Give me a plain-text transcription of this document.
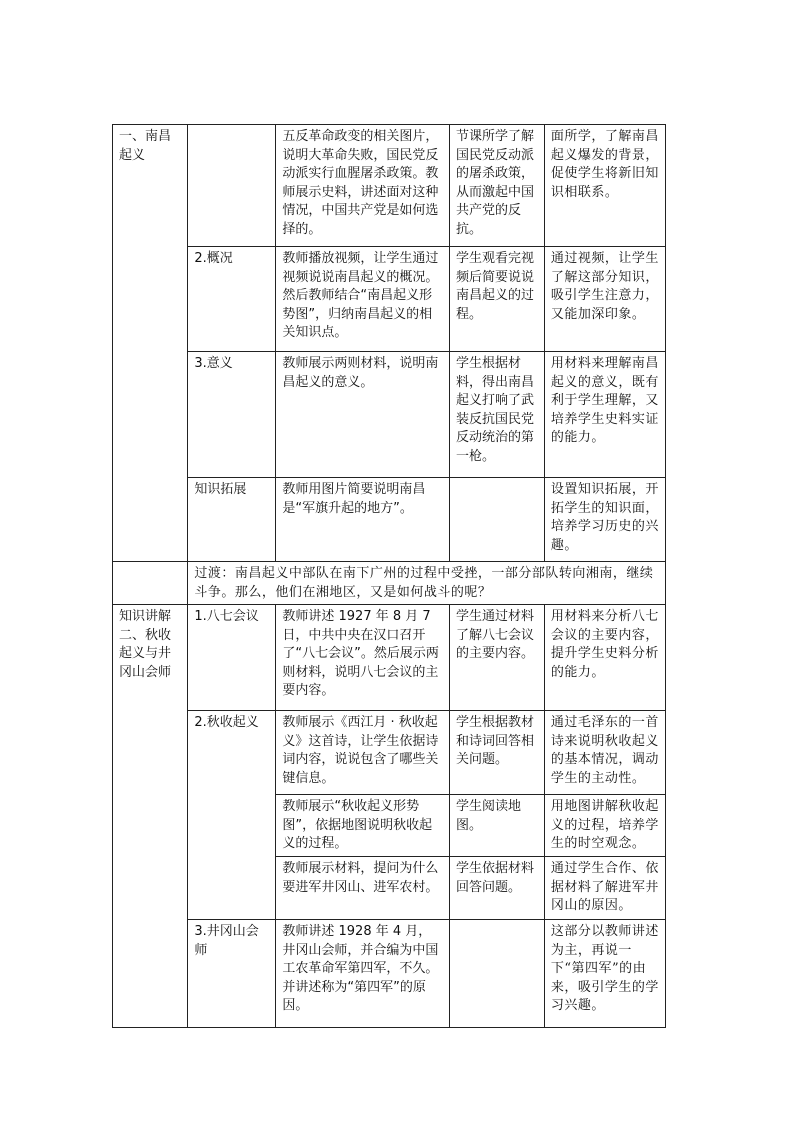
一、南昌起义		五反革命政变的相关图片，说明大革命失败，国民党反动派实行血腥屠杀政策。教师展示史料，讲述面对这种情况，中国共产党是如何选择的。	节课所学了解国民党反动派的屠杀政策，从而激起中国共产党的反抗。	面所学，了解南昌起义爆发的背景，促使学生将新旧知识相联系。
	2.概况	教师播放视频，让学生通过视频说说南昌起义的概况。然后教师结合“南昌起义形势图”，归纳南昌起义的相关知识点。	学生观看完视频后简要说说南昌起义的过程。	通过视频，让学生了解这部分知识，吸引学生注意力，又能加深印象。
	3.意义	教师展示两则材料，说明南昌起义的意义。	学生根据材料，得出南昌起义打响了武装反抗国民党反动统治的第一枪。	用材料来理解南昌起义的意义，既有利于学生理解，又培养学生史料实证的能力。
	知识拓展	教师用图片简要说明南昌是“军旗升起的地方”。		设置知识拓展，开拓学生的知识面，培养学习历史的兴趣。
	过渡：南昌起义中部队在南下广州的过程中受挫，一部分部队转向湘南，继续斗争。那么，他们在湘地区，又是如何战斗的呢？			
知识讲解二、秋收起义与井冈山会师	1.八七会议	教师讲述 1927 年 8 月 7 日，中共中央在汉口召开了“八七会议”。然后展示两则材料，说明八七会议的主要内容。	学生通过材料了解八七会议的主要内容。	用材料来分析八七会议的主要内容，提升学生史料分析的能力。
	2.秋收起义	教师展示《西江月 · 秋收起义》这首诗，让学生依据诗词内容，说说包含了哪些关键信息。	学生根据教材和诗词回答相关问题。	通过毛泽东的一首诗来说明秋收起义的基本情况，调动学生的主动性。
		教师展示“秋收起义形势图”，依据地图说明秋收起义的过程。	学生阅读地图。	用地图讲解秋收起义的过程，培养学生的时空观念。
		教师展示材料，提问为什么要进军井冈山、进军农村。	学生依据材料回答问题。	通过学生合作、依据材料了解进军井冈山的原因。
	3.井冈山会师	教师讲述 1928 年 4 月，井冈山会师，并合编为中国工农革命军第四军，不久。并讲述称为“第四军”的原因。		这部分以教师讲述为主，再说一下“第四军”的由来，吸引学生的学习兴趣。
